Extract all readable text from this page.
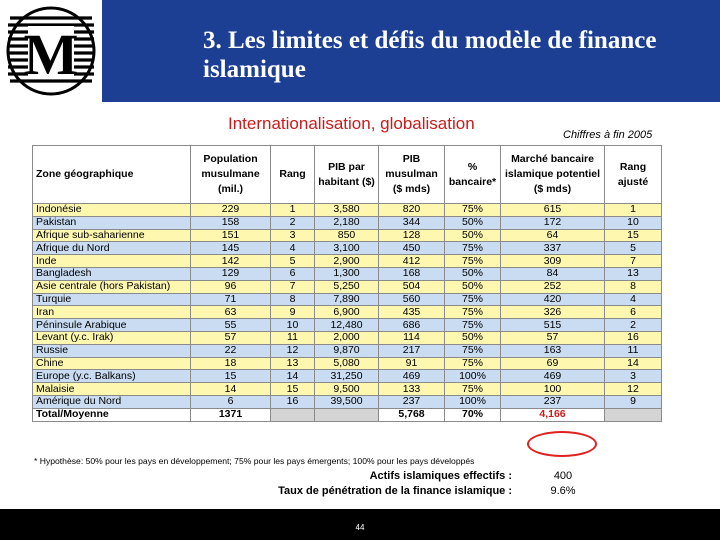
M	3. Les limites et défis du modèle de finance islamique
Internationalisation, globalisation
Chiffres à fin 2005
Zone géographique	Population musulmane (mil.)	Rang	PIB par habitant ($)	PIB musulman ($ mds)	% bancaire*	Marché bancaire islamique potentiel ($ mds)	Rang ajusté
Indonésie	229	1	3,580	820	75%	615	1
Pakistan	158	2	2,180	344	50%	172	10
Afrique sub-saharienne	151	3	850	128	50%	64	15
Afrique du Nord	145	4	3,100	450	75%	337	5
Inde	142	5	2,900	412	75%	309	7
Bangladesh	129	6	1,300	168	50%	84	13
Asie centrale (hors Pakistan)	96	7	5,250	504	50%	252	8
Turquie	71	8	7,890	560	75%	420	4
Iran	63	9	6,900	435	75%	326	6
Péninsule Arabique	55	10	12,480	686	75%	515	2
Levant (y.c. Irak)	57	11	2,000	114	50%	57	16
Russie	22	12	9,870	217	75%	163	11
Chine	18	13	5,080	91	75%	69	14
Europe (y.c. Balkans)	15	14	31,250	469	100%	469	3
Malaisie	14	15	9,500	133	75%	100	12
Amérique du Nord	6	16	39,500	237	100%	237	9
Total/Moyenne	1371			5,768	70%	4,166	
* Hypothèse: 50% pour les pays en développement; 75% pour les pays émergents; 100% pour les pays développés
Actifs islamiques effectifs :	400
Taux de pénétration de la finance islamique :	9.6%
44
